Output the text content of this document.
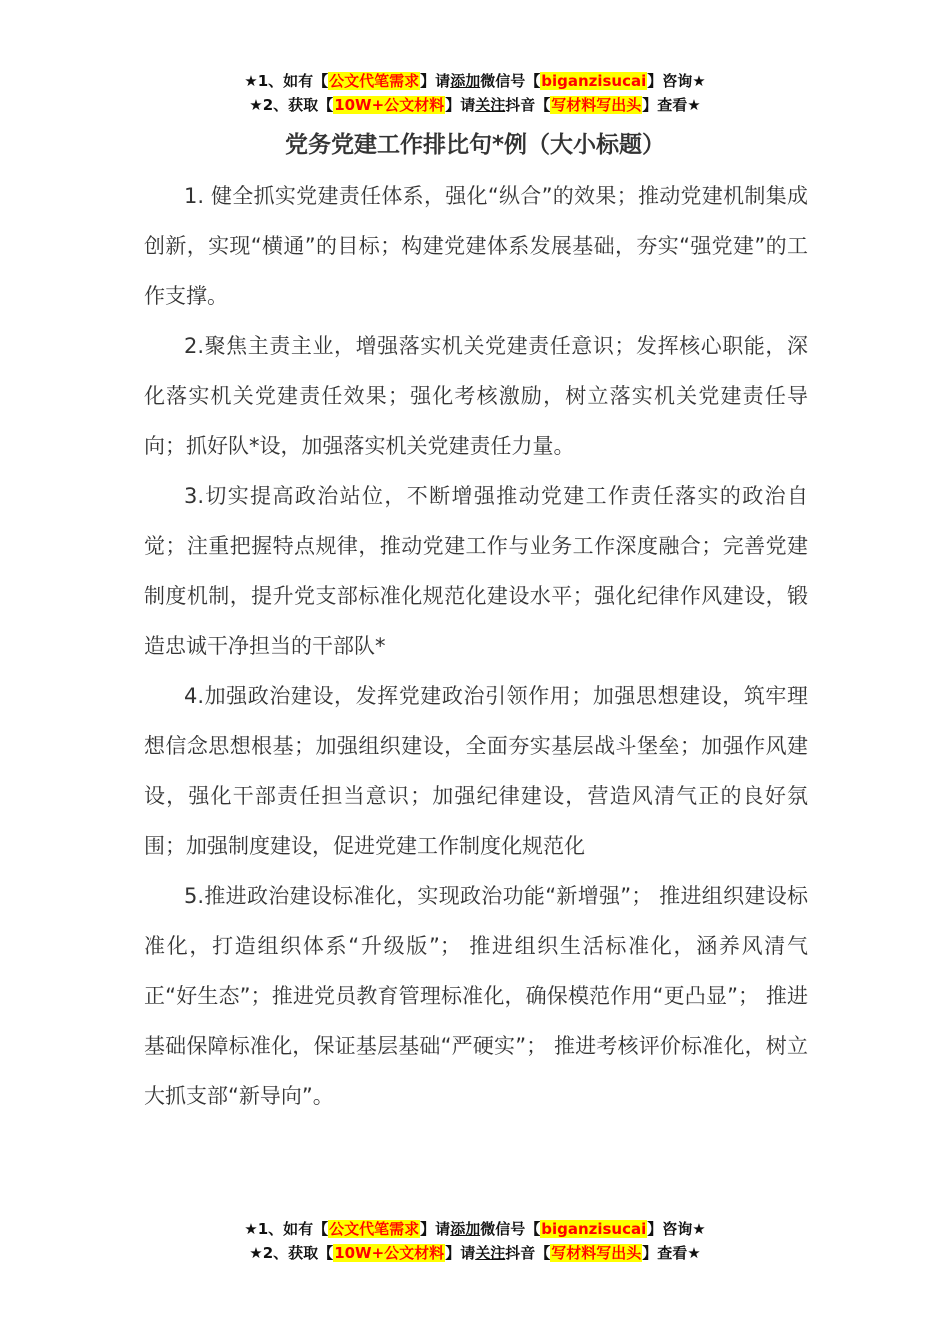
★1、如有【公文代笔需求】请添加微信号【biganzisucai】咨询★
★2、获取【10W+公文材料】请关注抖音【写材料写出头】查看★
党务党建工作排比句*例（大小标题）

1. 健全抓实党建责任体系，强化“纵合”的效果；推动党建机制集成创新，实现“横通”的目标；构建党建体系发展基础，夯实“强党建”的工作支撑。

2.聚焦主责主业，增强落实机关党建责任意识；发挥核心职能，深化落实机关党建责任效果；强化考核激励，树立落实机关党建责任导向；抓好队*设，加强落实机关党建责任力量。

3.切实提高政治站位，不断增强推动党建工作责任落实的政治自觉；注重把握特点规律，推动党建工作与业务工作深度融合；完善党建制度机制，提升党支部标准化规范化建设水平；强化纪律作风建设，锻造忠诚干净担当的干部队*

4.加强政治建设，发挥党建政治引领作用；加强思想建设，筑牢理想信念思想根基；加强组织建设，全面夯实基层战斗堡垒；加强作风建设，强化干部责任担当意识；加强纪律建设，营造风清气正的良好氛围；加强制度建设，促进党建工作制度化规范化

5.推进政治建设标准化，实现政治功能“新增强”； 推进组织建设标准化，打造组织体系“升级版”； 推进组织生活标准化，涵养风清气正“好生态”；推进党员教育管理标准化，确保模范作用“更凸显”； 推进基础保障标准化，保证基层基础“严硬实”； 推进考核评价标准化，树立大抓支部“新导向”。

★1、如有【公文代笔需求】请添加微信号【biganzisucai】咨询★
★2、获取【10W+公文材料】请关注抖音【写材料写出头】查看★
